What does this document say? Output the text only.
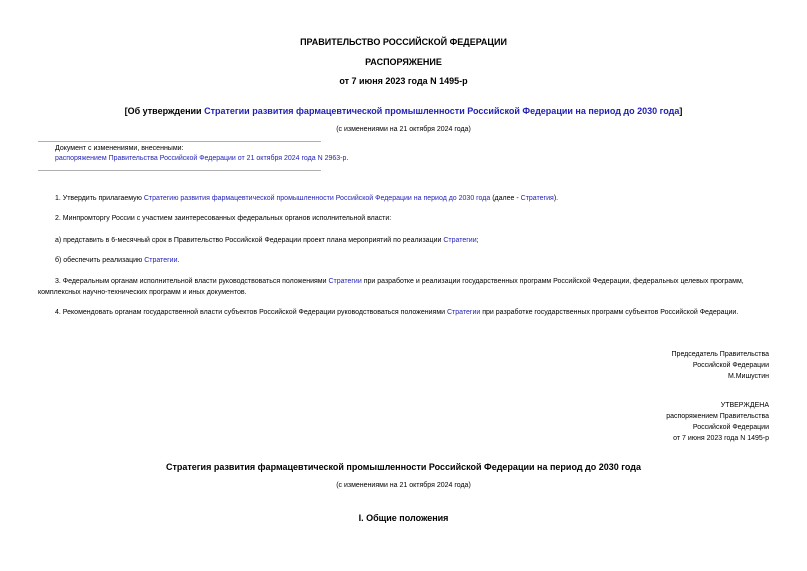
ПРАВИТЕЛЬСТВО РОССИЙСКОЙ ФЕДЕРАЦИИ
РАСПОРЯЖЕНИЕ
от 7 июня 2023 года N 1495-р
[Об утверждении Стратегии развития фармацевтической промышленности Российской Федерации на период до 2030 года]
(с изменениями на 21 октября 2024 года)
Документ с изменениями, внесенными:
распоряжением Правительства Российской Федерации от 21 октября 2024 года N 2963-р.
1. Утвердить прилагаемую Стратегию развития фармацевтической промышленности Российской Федерации на период до 2030 года (далее - Стратегия).
2. Минпромторгу России с участием заинтересованных федеральных органов исполнительной власти:
а) представить в 6-месячный срок в Правительство Российской Федерации проект плана мероприятий по реализации Стратегии;
б) обеспечить реализацию Стратегии.
3. Федеральным органам исполнительной власти руководствоваться положениями Стратегии при разработке и реализации государственных программ Российской Федерации, федеральных целевых программ,
комплексных научно-технических программ и иных документов.
4. Рекомендовать органам государственной власти субъектов Российской Федерации руководствоваться положениями Стратегии при разработке государственных программ субъектов Российской Федерации.
Председатель Правительства
Российской Федерации
М.Мишустин
УТВЕРЖДЕНА
распоряжением Правительства
Российской Федерации
от 7 июня 2023 года N 1495-р
Стратегия развития фармацевтической промышленности Российской Федерации на период до 2030 года
(с изменениями на 21 октября 2024 года)
I. Общие положения
